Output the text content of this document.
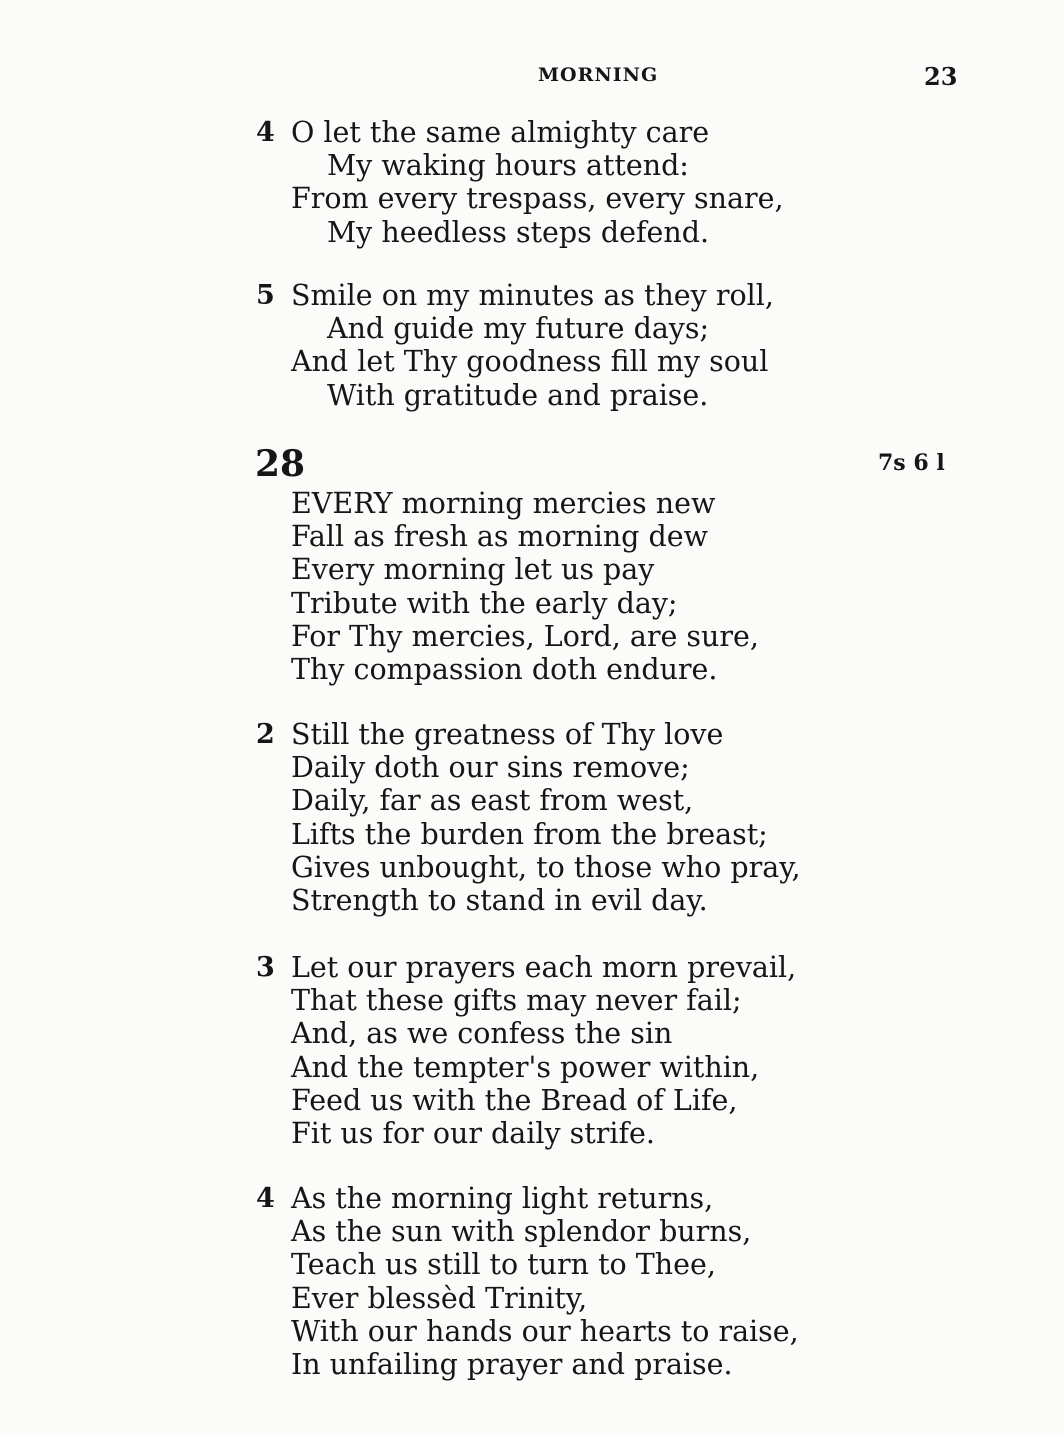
MORNING	23
4 O let the same almighty care
My waking hours attend:
From every trespass, every snare,
My heedless steps defend.
5 Smile on my minutes as they roll,
And guide my future days;
And let Thy goodness fill my soul
With gratitude and praise.
28	7s 6 l
EVERY morning mercies new
Fall as fresh as morning dew
Every morning let us pay
Tribute with the early day;
For Thy mercies, Lord, are sure,
Thy compassion doth endure.
2 Still the greatness of Thy love
Daily doth our sins remove;
Daily, far as east from west,
Lifts the burden from the breast;
Gives unbought, to those who pray,
Strength to stand in evil day.
3 Let our prayers each morn prevail,
That these gifts may never fail;
And, as we confess the sin
And the tempter's power within,
Feed us with the Bread of Life,
Fit us for our daily strife.
4 As the morning light returns,
As the sun with splendor burns,
Teach us still to turn to Thee,
Ever blessèd Trinity,
With our hands our hearts to raise,
In unfailing prayer and praise.
